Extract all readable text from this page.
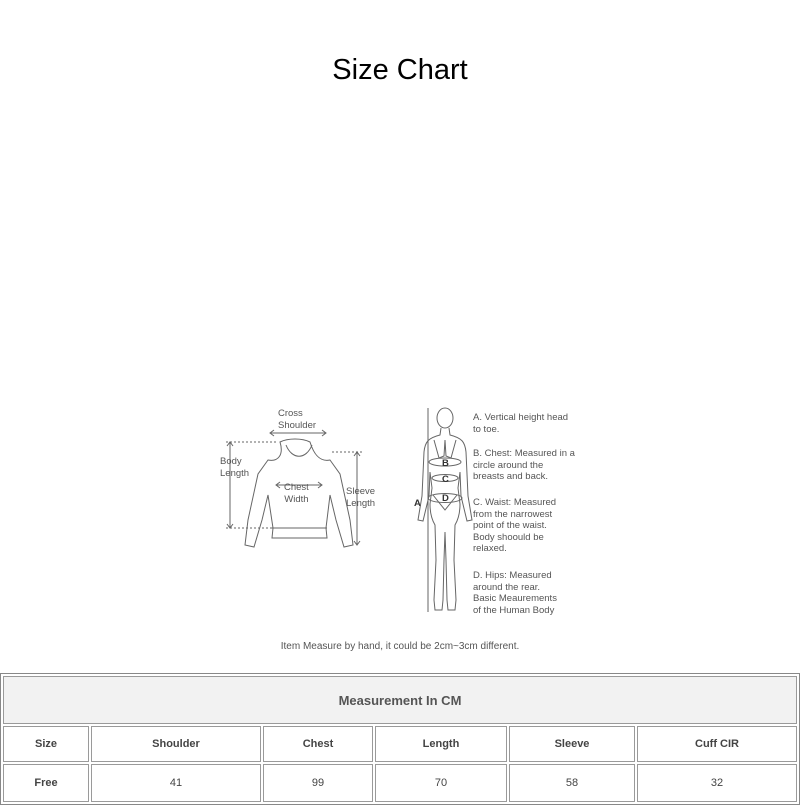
Size Chart
Cross
Shoulder
Body
Length
Chest
Width
Sleeve
Length	A
B
C
D
A. Vertical height head
to toe.
B. Chest: Measured in a
circle around the
breasts and back.
C. Waist: Measured
from the narrowest
point of the waist.
Body shoould be
relaxed.
D. Hips: Measured
around the rear.
Basic Meaurements
of the Human Body
Item Measure by hand, it could be 2cm~3cm different.
Measurement In CM					
Size	Shoulder	Chest	Length	Sleeve	Cuff CIR
Free	41	99	70	58	32
